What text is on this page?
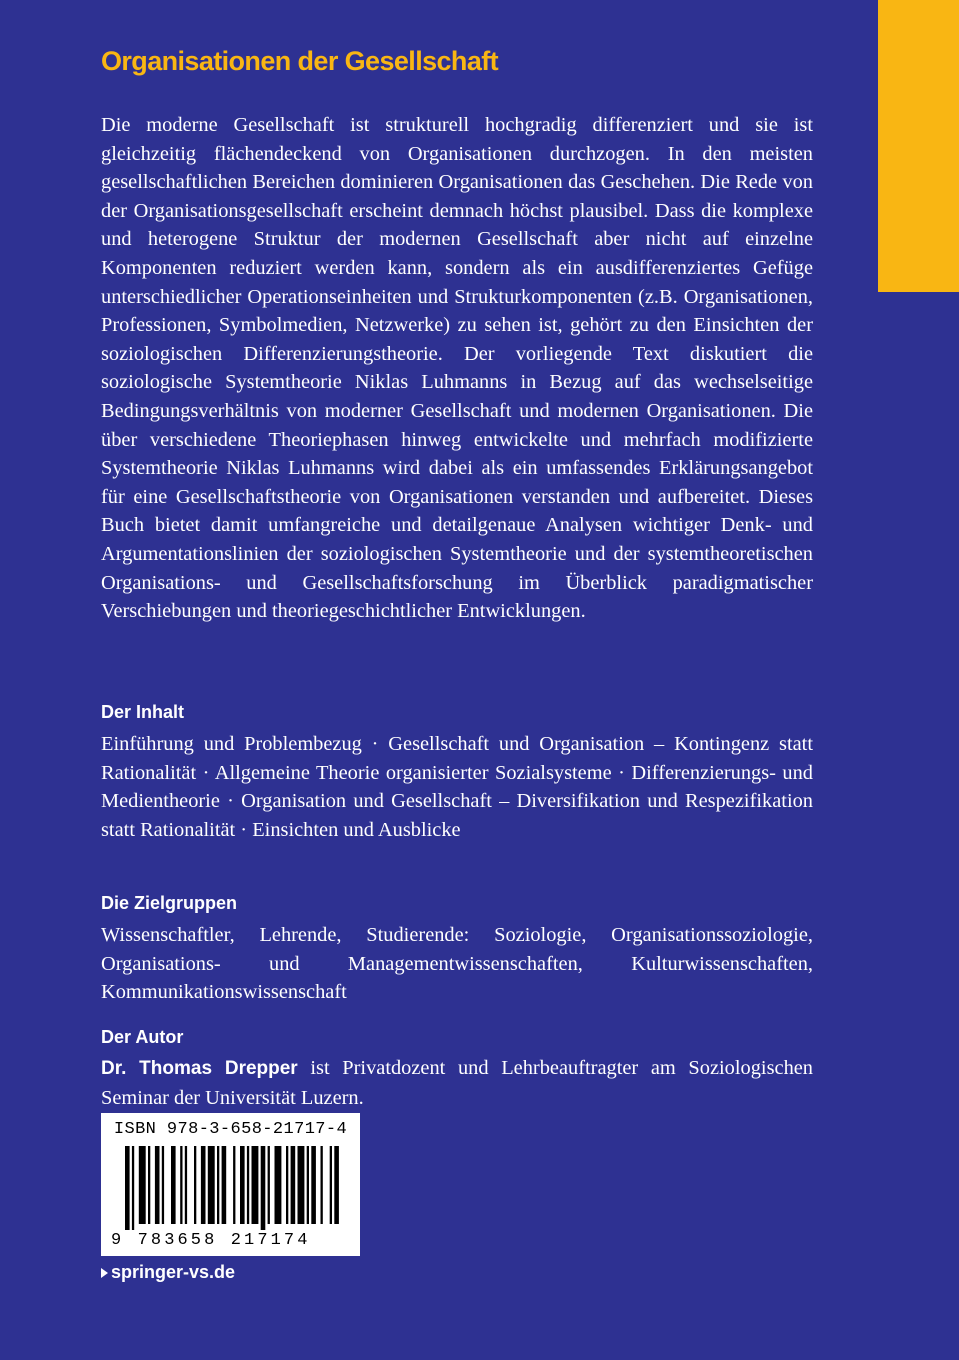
Organisationen der Gesellschaft

Die moderne Gesellschaft ist strukturell hochgradig differenziert und sie ist gleichzeitig flächendeckend von Organisationen durchzogen. In den meisten gesellschaftlichen Bereichen dominieren Organisationen das Geschehen. Die Rede von der Organisationsgesellschaft erscheint demnach höchst plausibel. Dass die komplexe und heterogene Struktur der modernen Gesellschaft aber nicht auf einzelne Komponenten reduziert werden kann, sondern als ein ausdifferenziertes Gefüge unterschiedlicher Operationseinheiten und Strukturkomponenten (z.B. Organisationen, Professionen, Symbolmedien, Netzwerke) zu sehen ist, gehört zu den Einsichten der soziologischen Differenzierungstheorie. Der vorliegende Text diskutiert die soziologische Systemtheorie Niklas Luhmanns in Bezug auf das wechselseitige Bedingungsverhältnis von moderner Gesellschaft und modernen Organisationen. Die über verschiedene Theoriephasen hinweg entwickelte und mehrfach modifizierte Systemtheorie Niklas Luhmanns wird dabei als ein umfassendes Erklärungsangebot für eine Gesellschaftstheorie von Organisationen verstanden und aufbereitet. Dieses Buch bietet damit umfangreiche und detailgenaue Analysen wichtiger Denk- und Argumentationslinien der soziologischen Systemtheorie und der systemtheoretischen Organisations- und Gesellschaftsforschung im Überblick paradigmatischer Verschiebungen und theoriegeschichtlicher Entwicklungen.

Der Inhalt

Einführung und Problembezug · Gesellschaft und Organisation – Kontingenz statt Rationalität · Allgemeine Theorie organisierter Sozialsysteme · Differenzierungs- und Medientheorie · Organisation und Gesellschaft – Diversifikation und Respezifikation statt Rationalität · Einsichten und Ausblicke

Die Zielgruppen

Wissenschaftler, Lehrende, Studierende: Soziologie, Organisationssoziologie, Organisations- und Managementwissenschaften, Kulturwissenschaften, Kommunikationswissenschaft

Der Autor

Dr. Thomas Drepper ist Privatdozent und Lehrbeauftragter am Soziologischen Seminar der Universität Luzern.

ISBN 978-3-658-21717-4
9 783658 217174
springer-vs.de
